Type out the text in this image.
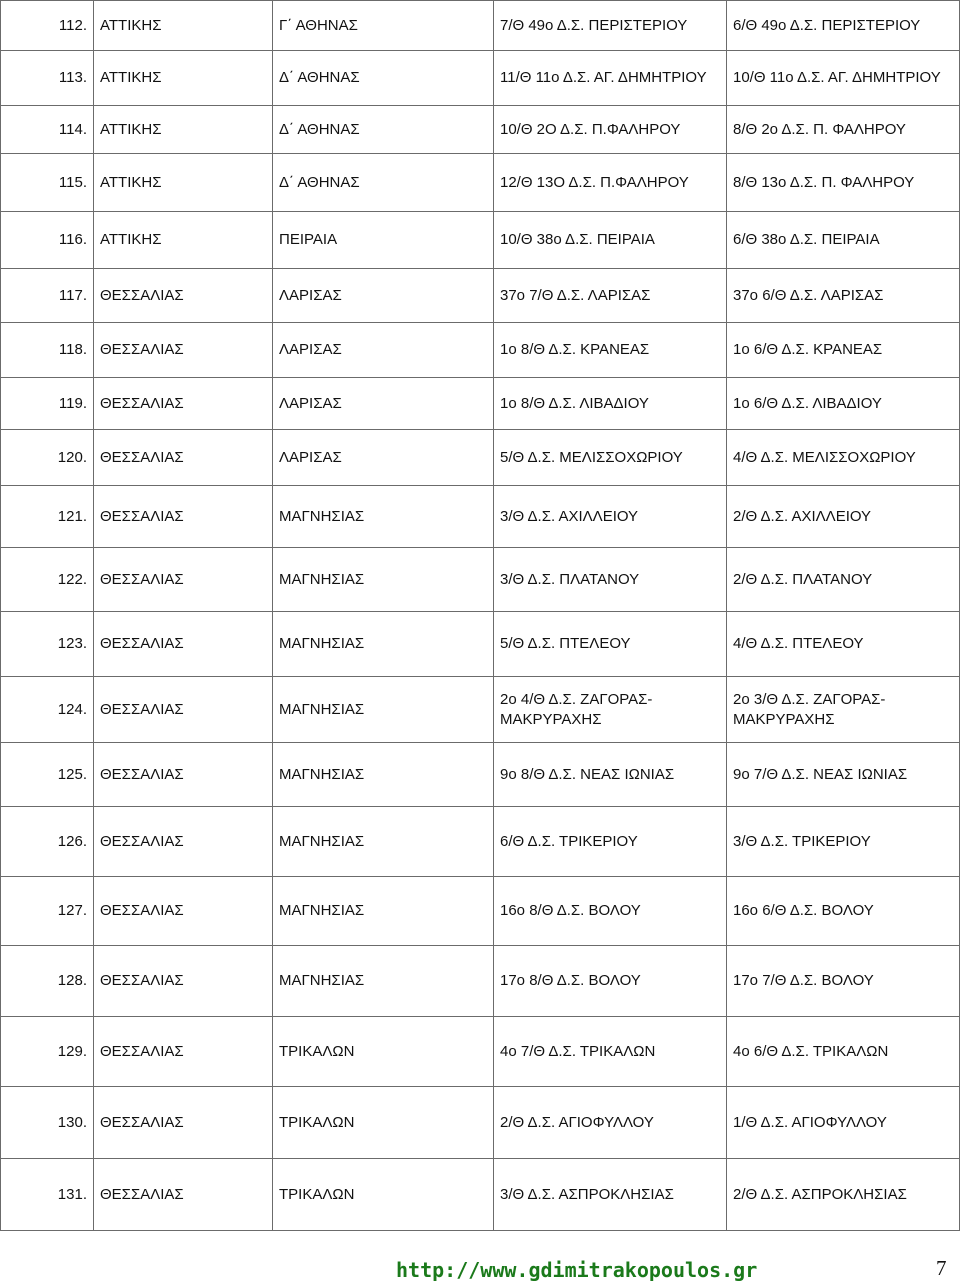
112.	ΑΤΤΙΚΗΣ	Γ΄ ΑΘΗΝΑΣ	7/Θ 49ο Δ.Σ. ΠΕΡΙΣΤΕΡΙΟΥ	6/Θ 49ο Δ.Σ. ΠΕΡΙΣΤΕΡΙΟΥ
113.	ΑΤΤΙΚΗΣ	Δ΄ ΑΘΗΝΑΣ	11/Θ 11ο Δ.Σ. ΑΓ. ΔΗΜΗΤΡΙΟΥ	10/Θ 11ο Δ.Σ. ΑΓ. ΔΗΜΗΤΡΙΟΥ
114.	ΑΤΤΙΚΗΣ	Δ΄ ΑΘΗΝΑΣ	10/Θ 2Ο Δ.Σ. Π.ΦΑΛΗΡΟΥ	8/Θ 2ο Δ.Σ. Π. ΦΑΛΗΡΟΥ
115.	ΑΤΤΙΚΗΣ	Δ΄ ΑΘΗΝΑΣ	12/Θ 13Ο Δ.Σ. Π.ΦΑΛΗΡΟΥ	8/Θ 13ο Δ.Σ. Π. ΦΑΛΗΡΟΥ
116.	ΑΤΤΙΚΗΣ	ΠΕΙΡΑΙΑ	10/Θ 38ο Δ.Σ. ΠΕΙΡΑΙΑ	6/Θ 38ο Δ.Σ. ΠΕΙΡΑΙΑ
117.	ΘΕΣΣΑΛΙΑΣ	ΛΑΡΙΣΑΣ	37ο 7/Θ Δ.Σ. ΛΑΡΙΣΑΣ	37ο 6/Θ Δ.Σ. ΛΑΡΙΣΑΣ
118.	ΘΕΣΣΑΛΙΑΣ	ΛΑΡΙΣΑΣ	1ο 8/Θ Δ.Σ. ΚΡΑΝΕΑΣ	1ο 6/Θ Δ.Σ. ΚΡΑΝΕΑΣ
119.	ΘΕΣΣΑΛΙΑΣ	ΛΑΡΙΣΑΣ	1ο 8/Θ Δ.Σ. ΛΙΒΑΔΙΟΥ	1ο 6/Θ Δ.Σ. ΛΙΒΑΔΙΟΥ
120.	ΘΕΣΣΑΛΙΑΣ	ΛΑΡΙΣΑΣ	5/Θ Δ.Σ. ΜΕΛΙΣΣΟΧΩΡΙΟΥ	4/Θ Δ.Σ. ΜΕΛΙΣΣΟΧΩΡΙΟΥ
121.	ΘΕΣΣΑΛΙΑΣ	ΜΑΓΝΗΣΙΑΣ	3/Θ Δ.Σ. ΑΧΙΛΛΕΙΟΥ	2/Θ Δ.Σ. ΑΧΙΛΛΕΙΟΥ
122.	ΘΕΣΣΑΛΙΑΣ	ΜΑΓΝΗΣΙΑΣ	3/Θ Δ.Σ. ΠΛΑΤΑΝΟΥ	2/Θ Δ.Σ. ΠΛΑΤΑΝΟΥ
123.	ΘΕΣΣΑΛΙΑΣ	ΜΑΓΝΗΣΙΑΣ	5/Θ Δ.Σ. ΠΤΕΛΕΟΥ	4/Θ Δ.Σ. ΠΤΕΛΕΟΥ
124.	ΘΕΣΣΑΛΙΑΣ	ΜΑΓΝΗΣΙΑΣ	2ο 4/Θ Δ.Σ. ΖΑΓΟΡΑΣ-ΜΑΚΡΥΡΑΧΗΣ	2ο 3/Θ Δ.Σ. ΖΑΓΟΡΑΣ-ΜΑΚΡΥΡΑΧΗΣ
125.	ΘΕΣΣΑΛΙΑΣ	ΜΑΓΝΗΣΙΑΣ	9ο 8/Θ Δ.Σ. ΝΕΑΣ ΙΩΝΙΑΣ	9ο 7/Θ Δ.Σ. ΝΕΑΣ ΙΩΝΙΑΣ
126.	ΘΕΣΣΑΛΙΑΣ	ΜΑΓΝΗΣΙΑΣ	6/Θ Δ.Σ. ΤΡΙΚΕΡΙΟΥ	3/Θ Δ.Σ. ΤΡΙΚΕΡΙΟΥ
127.	ΘΕΣΣΑΛΙΑΣ	ΜΑΓΝΗΣΙΑΣ	16ο 8/Θ Δ.Σ. ΒΟΛΟΥ	16ο 6/Θ Δ.Σ. ΒΟΛΟΥ
128.	ΘΕΣΣΑΛΙΑΣ	ΜΑΓΝΗΣΙΑΣ	17ο 8/Θ Δ.Σ. ΒΟΛΟΥ	17ο 7/Θ Δ.Σ. ΒΟΛΟΥ
129.	ΘΕΣΣΑΛΙΑΣ	ΤΡΙΚΑΛΩΝ	4ο 7/Θ Δ.Σ. ΤΡΙΚΑΛΩΝ	4ο 6/Θ Δ.Σ. ΤΡΙΚΑΛΩΝ
130.	ΘΕΣΣΑΛΙΑΣ	ΤΡΙΚΑΛΩΝ	2/Θ Δ.Σ. ΑΓΙΟΦΥΛΛΟΥ	1/Θ Δ.Σ. ΑΓΙΟΦΥΛΛΟΥ
131.	ΘΕΣΣΑΛΙΑΣ	ΤΡΙΚΑΛΩΝ	3/Θ Δ.Σ. ΑΣΠΡΟΚΛΗΣΙΑΣ	2/Θ Δ.Σ. ΑΣΠΡΟΚΛΗΣΙΑΣ
http://www.gdimitrakopoulos.gr	7
